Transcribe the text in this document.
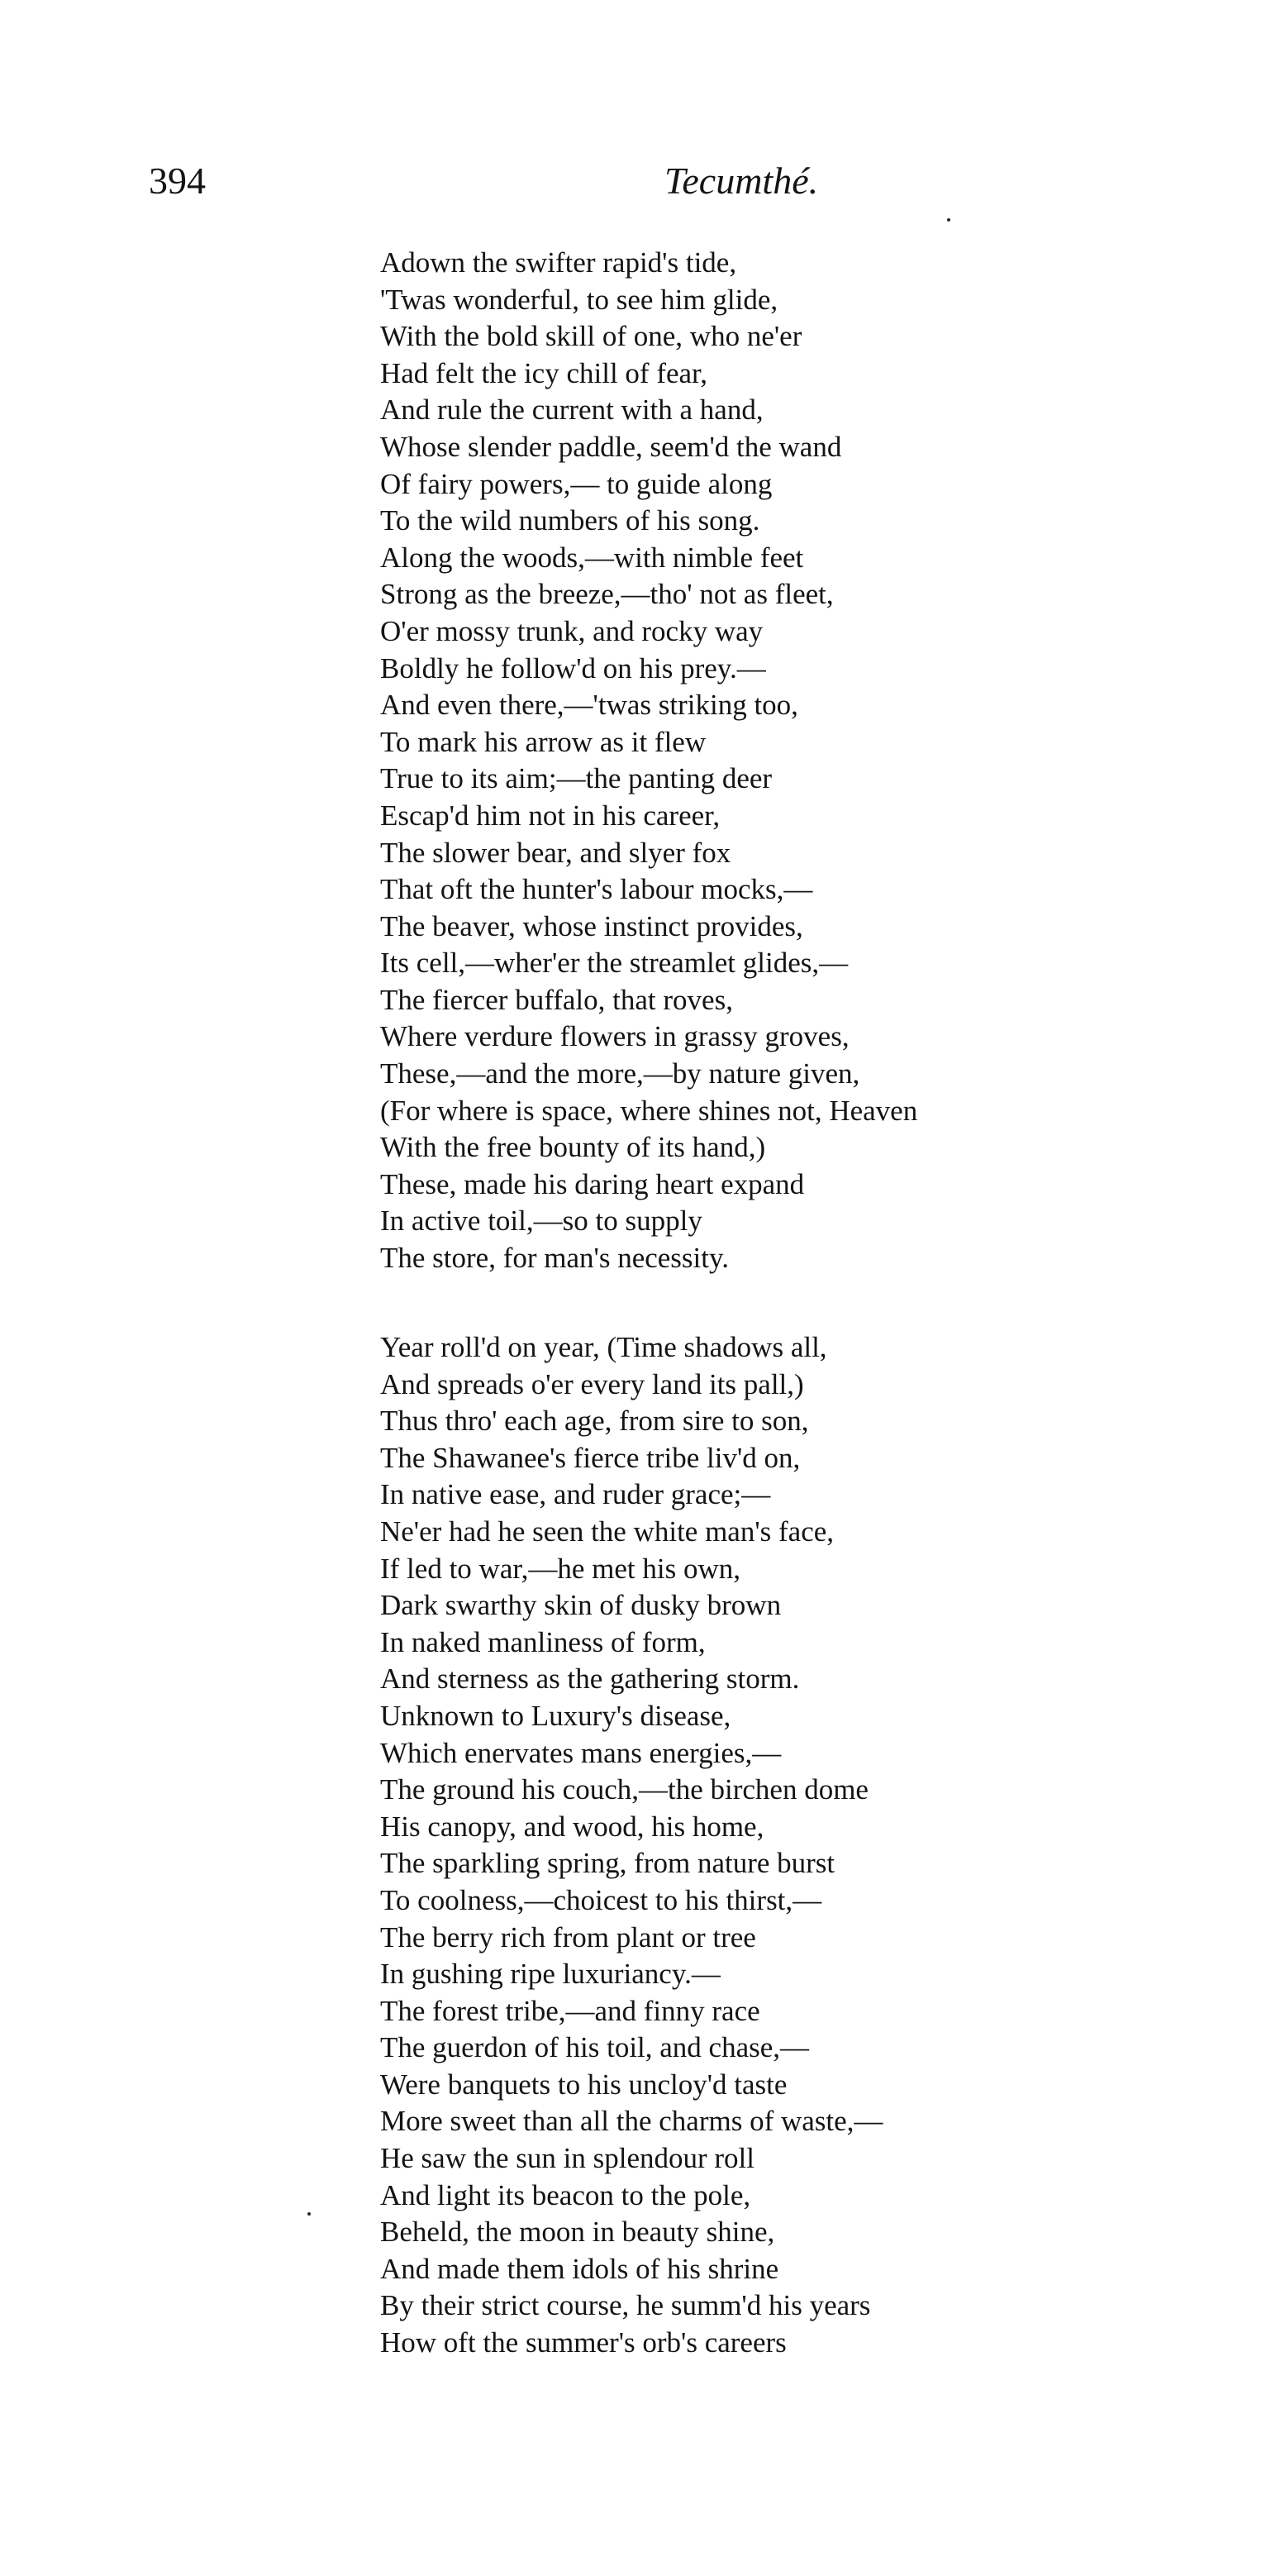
394	Tecumthé.
Adown the swifter rapid's tide,
'Twas wonderful, to see him glide,
With the bold skill of one, who ne'er
Had felt the icy chill of fear,
And rule the current with a hand,
Whose slender paddle, seem'd the wand
Of fairy powers,— to guide along
To the wild numbers of his song.
Along the woods,—with nimble feet
Strong as the breeze,—tho' not as fleet,
O'er mossy trunk, and rocky way
Boldly he follow'd on his prey.—
And even there,—'twas striking too,
To mark his arrow as it flew
True to its aim;—the panting deer
Escap'd him not in his career,
The slower bear, and slyer fox
That oft the hunter's labour mocks,—
The beaver, whose instinct provides,
Its cell,—wher'er the streamlet glides,—
The fiercer buffalo, that roves,
Where verdure flowers in grassy groves,
These,—and the more,—by nature given,
(For where is space, where shines not, Heaven
With the free bounty of its hand,)
These, made his daring heart expand
In active toil,—so to supply
The store, for man's necessity.
Year roll'd on year, (Time shadows all,
And spreads o'er every land its pall,)
Thus thro' each age, from sire to son,
The Shawanee's fierce tribe liv'd on,
In native ease, and ruder grace;—
Ne'er had he seen the white man's face,
If led to war,—he met his own,
Dark swarthy skin of dusky brown
In naked manliness of form,
And sterness as the gathering storm.
Unknown to Luxury's disease,
Which enervates mans energies,—
The ground his couch,—the birchen dome
His canopy, and wood, his home,
The sparkling spring, from nature burst
To coolness,—choicest to his thirst,—
The berry rich from plant or tree
In gushing ripe luxuriancy.—
The forest tribe,—and finny race
The guerdon of his toil, and chase,—
Were banquets to his uncloy'd taste
More sweet than all the charms of waste,—
He saw the sun in splendour roll
And light its beacon to the pole,
Beheld, the moon in beauty shine,
And made them idols of his shrine
By their strict course, he summ'd his years
How oft the summer's orb's careers
